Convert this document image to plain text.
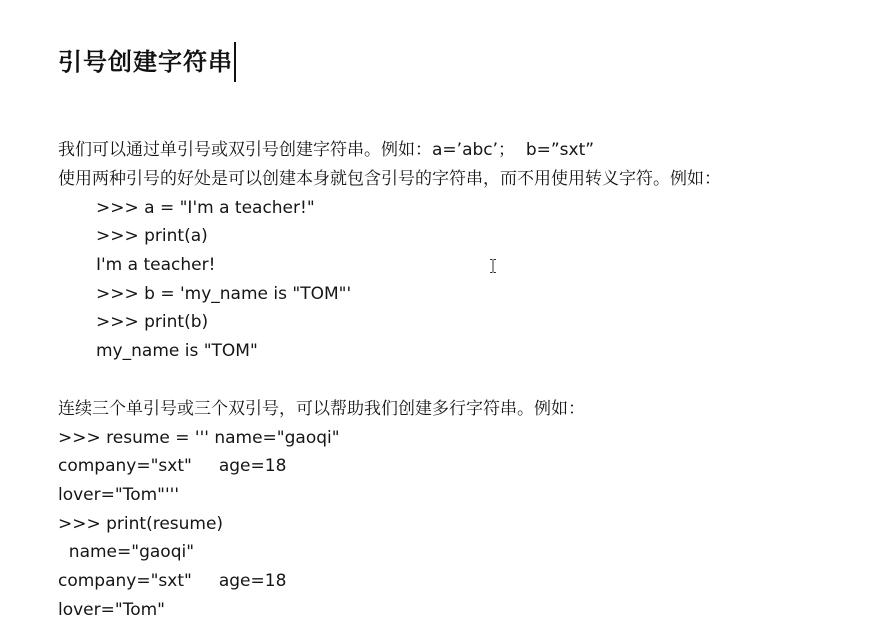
引号创建字符串
我们可以通过单引号或双引号创建字符串。例如：a=’abc’；  b=”sxt”
使用两种引号的好处是可以创建本身就包含引号的字符串，而不用使用转义字符。例如：
>>> a = "I'm a teacher!"
>>> print(a)
I'm a teacher!
>>> b = 'my_name is "TOM"'
>>> print(b)
my_name is "TOM"
连续三个单引号或三个双引号，可以帮助我们创建多行字符串。例如：
>>> resume = ''' name="gaoqi"
company="sxt"     age=18
lover="Tom"'''
>>> print(resume)
name="gaoqi"
company="sxt"     age=18
lover="Tom"
